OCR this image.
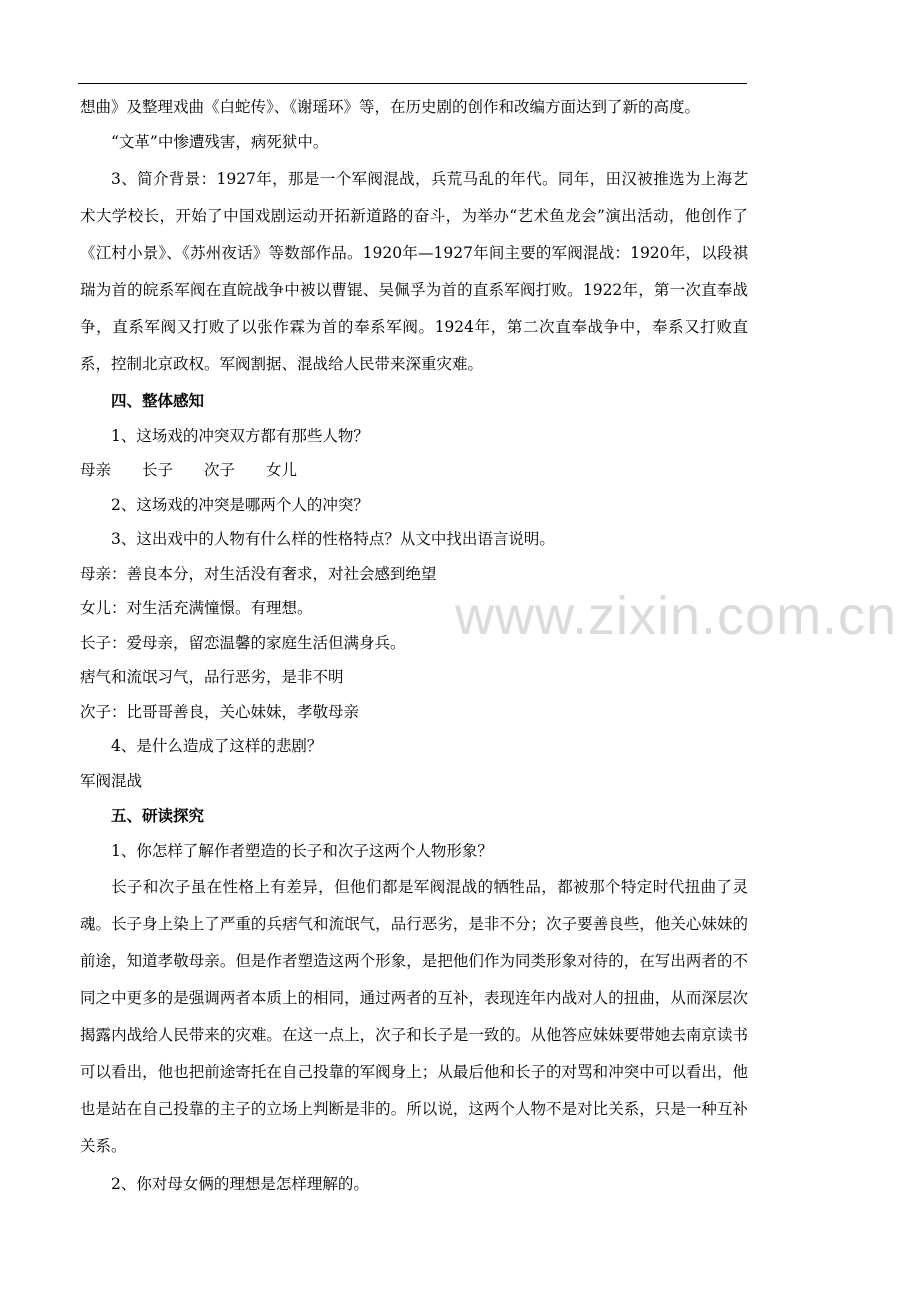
www.zixin.com.cn

想曲》及整理戏曲《白蛇传》、《谢瑶环》等，在历史剧的创作和改编方面达到了新的高度。

“文革”中惨遭残害，病死狱中。

3、简介背景：1927年，那是一个军阀混战，兵荒马乱的年代。同年，田汉被推选为上海艺术大学校长，开始了中国戏剧运动开拓新道路的奋斗，为举办“艺术鱼龙会”演出活动，他创作了《江村小景》、《苏州夜话》等数部作品。1920年—1927年间主要的军阀混战：1920年，以段祺瑞为首的皖系军阀在直皖战争中被以曹锟、吴佩孚为首的直系军阀打败。1922年，第一次直奉战争，直系军阀又打败了以张作霖为首的奉系军阀。1924年，第二次直奉战争中，奉系又打败直系，控制北京政权。军阀割据、混战给人民带来深重灾难。

四、整体感知

1、这场戏的冲突双方都有那些人物？

母亲 长子 次子 女儿

2、这场戏的冲突是哪两个人的冲突？

3、这出戏中的人物有什么样的性格特点？从文中找出语言说明。

母亲：善良本分，对生活没有奢求，对社会感到绝望

女儿：对生活充满憧憬。有理想。

长子：爱母亲，留恋温馨的家庭生活但满身兵。

痞气和流氓习气，品行恶劣，是非不明

次子：比哥哥善良，关心妹妹，孝敬母亲

4、是什么造成了这样的悲剧？

军阀混战

五、研读探究

1、你怎样了解作者塑造的长子和次子这两个人物形象？

长子和次子虽在性格上有差异，但他们都是军阀混战的牺牲品，都被那个特定时代扭曲了灵魂。长子身上染上了严重的兵痞气和流氓气，品行恶劣，是非不分；次子要善良些，他关心妹妹的前途，知道孝敬母亲。但是作者塑造这两个形象，是把他们作为同类形象对待的，在写出两者的不同之中更多的是强调两者本质上的相同，通过两者的互补，表现连年内战对人的扭曲，从而深层次揭露内战给人民带来的灾难。在这一点上，次子和长子是一致的。从他答应妹妹要带她去南京读书可以看出，他也把前途寄托在自己投靠的军阀身上；从最后他和长子的对骂和冲突中可以看出，他也是站在自己投靠的主子的立场上判断是非的。所以说，这两个人物不是对比关系，只是一种互补关系。

2、你对母女俩的理想是怎样理解的。
